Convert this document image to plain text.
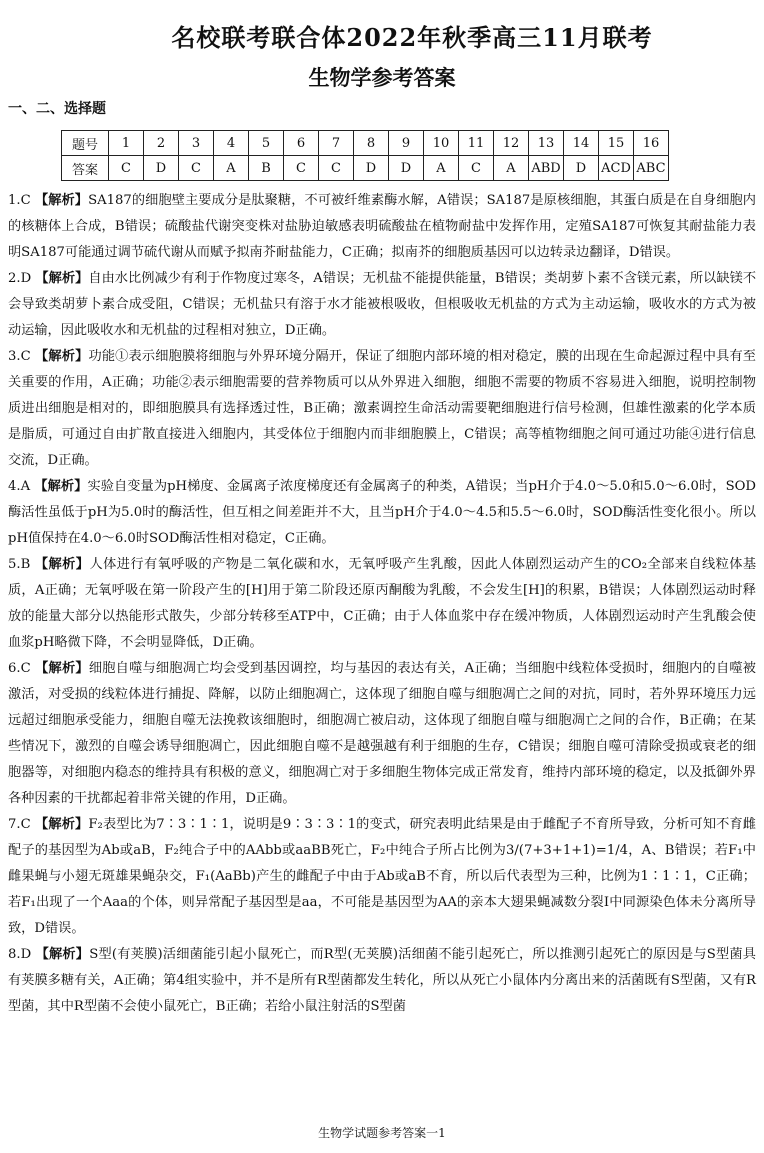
名校联考联合体2022年秋季高三11月联考
生物学参考答案
一、二、选择题
题号	1	2	3	4	5	6	7	8	9	10	11	12	13	14	15	16
答案	C	D	C	A	B	C	C	D	D	A	C	A	ABD	D	ACD	ABC
1.C 【解析】SA187的细胞壁主要成分是肽聚糖，不可被纤维素酶水解，A错误；SA187是原核细胞，其蛋白质是在自身细胞内的核糖体上合成，B错误；硫酸盐代谢突变株对盐胁迫敏感表明硫酸盐在植物耐盐中发挥作用，定殖SA187可恢复其耐盐能力表明SA187可能通过调节硫代谢从而赋予拟南芥耐盐能力，C正确；拟南芥的细胞质基因可以边转录边翻译，D错误。
2.D 【解析】自由水比例减少有利于作物度过寒冬，A错误；无机盐不能提供能量，B错误；类胡萝卜素不含镁元素，所以缺镁不会导致类胡萝卜素合成受阻，C错误；无机盐只有溶于水才能被根吸收，但根吸收无机盐的方式为主动运输，吸收水的方式为被动运输，因此吸收水和无机盐的过程相对独立，D正确。
3.C 【解析】功能①表示细胞膜将细胞与外界环境分隔开，保证了细胞内部环境的相对稳定，膜的出现在生命起源过程中具有至关重要的作用，A正确；功能②表示细胞需要的营养物质可以从外界进入细胞，细胞不需要的物质不容易进入细胞，说明控制物质进出细胞是相对的，即细胞膜具有选择透过性，B正确；激素调控生命活动需要靶细胞进行信号检测，但雄性激素的化学本质是脂质，可通过自由扩散直接进入细胞内，其受体位于细胞内而非细胞膜上，C错误；高等植物细胞之间可通过功能④进行信息交流，D正确。
4.A 【解析】实验自变量为pH梯度、金属离子浓度梯度还有金属离子的种类，A错误；当pH介于4.0～5.0和5.0～6.0时，SOD酶活性虽低于pH为5.0时的酶活性，但互相之间差距并不大，且当pH介于4.0～4.5和5.5～6.0时，SOD酶活性变化很小。所以pH值保持在4.0～6.0时SOD酶活性相对稳定，C正确。
5.B 【解析】人体进行有氧呼吸的产物是二氧化碳和水，无氧呼吸产生乳酸，因此人体剧烈运动产生的CO₂全部来自线粒体基质，A正确；无氧呼吸在第一阶段产生的[H]用于第二阶段还原丙酮酸为乳酸，不会发生[H]的积累，B错误；人体剧烈运动时释放的能量大部分以热能形式散失，少部分转移至ATP中，C正确；由于人体血浆中存在缓冲物质，人体剧烈运动时产生乳酸会使血浆pH略微下降，不会明显降低，D正确。
6.C 【解析】细胞自噬与细胞凋亡均会受到基因调控，均与基因的表达有关，A正确；当细胞中线粒体受损时，细胞内的自噬被激活，对受损的线粒体进行捕捉、降解，以防止细胞凋亡，这体现了细胞自噬与细胞凋亡之间的对抗，同时，若外界环境压力远远超过细胞承受能力，细胞自噬无法挽救该细胞时，细胞凋亡被启动，这体现了细胞自噬与细胞凋亡之间的合作，B正确；在某些情况下，激烈的自噬会诱导细胞凋亡，因此细胞自噬不是越强越有利于细胞的生存，C错误；细胞自噬可清除受损或衰老的细胞器等，对细胞内稳态的维持具有积极的意义，细胞凋亡对于多细胞生物体完成正常发育，维持内部环境的稳定，以及抵御外界各种因素的干扰都起着非常关键的作用，D正确。
7.C 【解析】F₂表型比为7∶3∶1∶1，说明是9∶3∶3∶1的变式，研究表明此结果是由于雌配子不育所导致，分析可知不育雌配子的基因型为Ab或aB，F₂纯合子中的AAbb或aaBB死亡，F₂中纯合子所占比例为3/(7+3+1+1)=1/4，A、B错误；若F₁中雌果蝇与小翅无斑雄果蝇杂交，F₁(AaBb)产生的雌配子中由于Ab或aB不育，所以后代表型为三种，比例为1∶1∶1，C正确；若F₁出现了一个Aaa的个体，则异常配子基因型是aa，不可能是基因型为AA的亲本大翅果蝇减数分裂Ⅰ中同源染色体未分离所导致，D错误。
8.D 【解析】S型(有荚膜)活细菌能引起小鼠死亡，而R型(无荚膜)活细菌不能引起死亡，所以推测引起死亡的原因是与S型菌具有荚膜多糖有关，A正确；第4组实验中，并不是所有R型菌都发生转化，所以从死亡小鼠体内分离出来的活菌既有S型菌，又有R型菌，其中R型菌不会使小鼠死亡，B正确；若给小鼠注射活的S型菌
生物学试题参考答案一1
